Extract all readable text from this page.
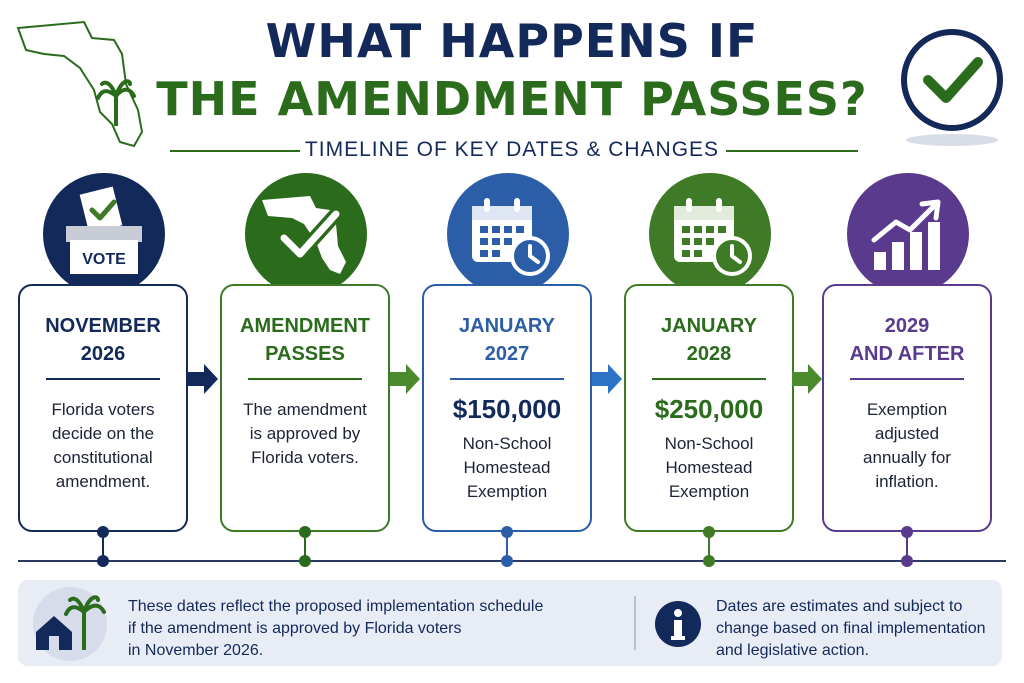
WHAT HAPPENS IF
THE AMENDMENT PASSES?
TIMELINE OF KEY DATES & CHANGES
VOTE
NOVEMBER
2026
Florida voters
decide on the
constitutional
amendment.
AMENDMENT
PASSES
The amendment
is approved by
Florida voters.
JANUARY
2027
$150,000
Non-School
Homestead
Exemption
JANUARY
2028
$250,000
Non-School
Homestead
Exemption
2029
AND AFTER
Exemption
adjusted
annually for
inflation.
These dates reflect the proposed implementation schedule
if the amendment is approved by Florida voters
in November 2026.
Dates are estimates and subject to
change based on final implementation
and legislative action.
